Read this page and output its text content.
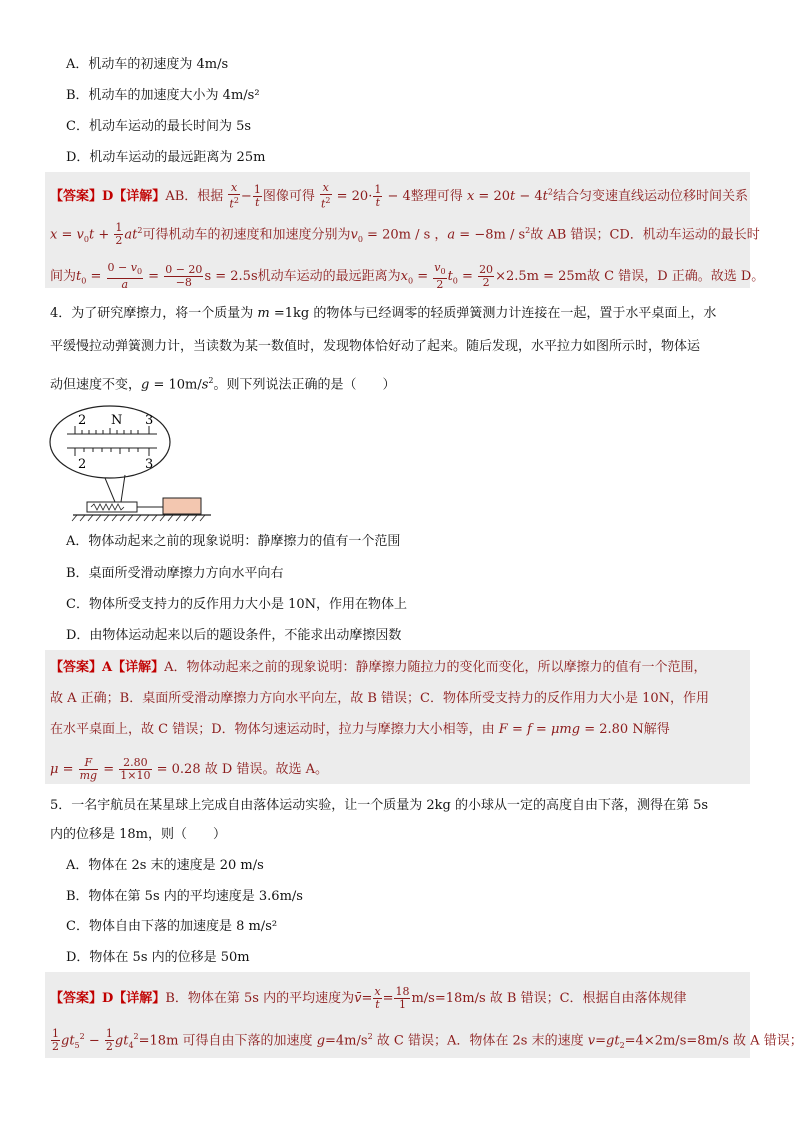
A．机动车的初速度为 4m/s
B．机动车的加速度大小为 4m/s²
C．机动车运动的最长时间为 5s
D．机动车运动的最远距离为 25m
【答案】D【详解】AB．根据 $\frac{x}{t^2} - \frac{1}{t}$ 图像可得 $\frac{x}{t^2} = 20\cdot \frac{1}{t} - 4$整理可得 $x = 20t - 4t^2$结合匀变速直线运动位移时间关系
$x = v_0t + \frac{1}{2} at^2$可得机动车的初速度和加速度分别为$v_0 = 20m / s$ ，$a = -8m / s^2$故 AB 错误；CD．机动车运动的最长时
间为$t_0 = \frac{0 - v_0}{a} = \frac{0 - 20}{-8}$ s = 2.5s机动车运动的最远距离为$x_0 = \frac{v_0}{2} t_0 = \frac{20}{2} \times 2.5m = 25m$故 C 错误，D 正确。故选 D。
4．为了研究摩擦力，将一个质量为 m =1kg 的物体与已经调零的轻质弹簧测力计连接在一起，置于水平桌面上，水
平缓慢拉动弹簧测力计，当读数为某一数值时，发现物体恰好动了起来。随后发现，水平拉力如图所示时，物体运
动但速度不变，$g = 10m/s^2$。则下列说法正确的是（　　）
2 N 3
2	3
A．物体动起来之前的现象说明：静摩擦力的值有一个范围
B．桌面所受滑动摩擦力方向水平向右
C．物体所受支持力的反作用力大小是 10N，作用在物体上
D．由物体运动起来以后的题设条件，不能求出动摩擦因数
【答案】A【详解】A．物体动起来之前的现象说明：静摩擦力随拉力的变化而变化，所以摩擦力的值有一个范围，
故 A 正确；B．桌面所受滑动摩擦力方向水平向左，故 B 错误；C．物体所受支持力的反作用力大小是 10N，作用
在水平桌面上，故 C 错误；D．物体匀速运动时，拉力与摩擦力大小相等，由 F = f = μmg = 2.80 N解得
$\mu = \frac{F}{mg} = \frac{2.80}{1\times 10} = 0.28$ 故 D 错误。故选 A。
5．一名宇航员在某星球上完成自由落体运动实验，让一个质量为 2kg 的小球从一定的高度自由下落，测得在第 5s
内的位移是 18m，则（　　）
A．物体在 2s 末的速度是 20 m/s
B．物体在第 5s 内的平均速度是 3.6m/s
C．物体自由下落的加速度是 8 m/s²
D．物体在 5s 内的位移是 50m
【答案】D【详解】B．物体在第 5s 内的平均速度为v̄= $\frac{x}{t} = \frac{18}{1} m/s=18m/s$ 故 B 错误；C．根据自由落体规律
$\frac{1}{2} gt_5^2 - \frac{1}{2} gt_4^2=18m$ 可得自由下落的加速度 $g=4m/s^2$ 故 C 错误；A．物体在 2s 末的速度 $v=gt_2=4\times 2m/s=8m/s$ 故 A 错误；
